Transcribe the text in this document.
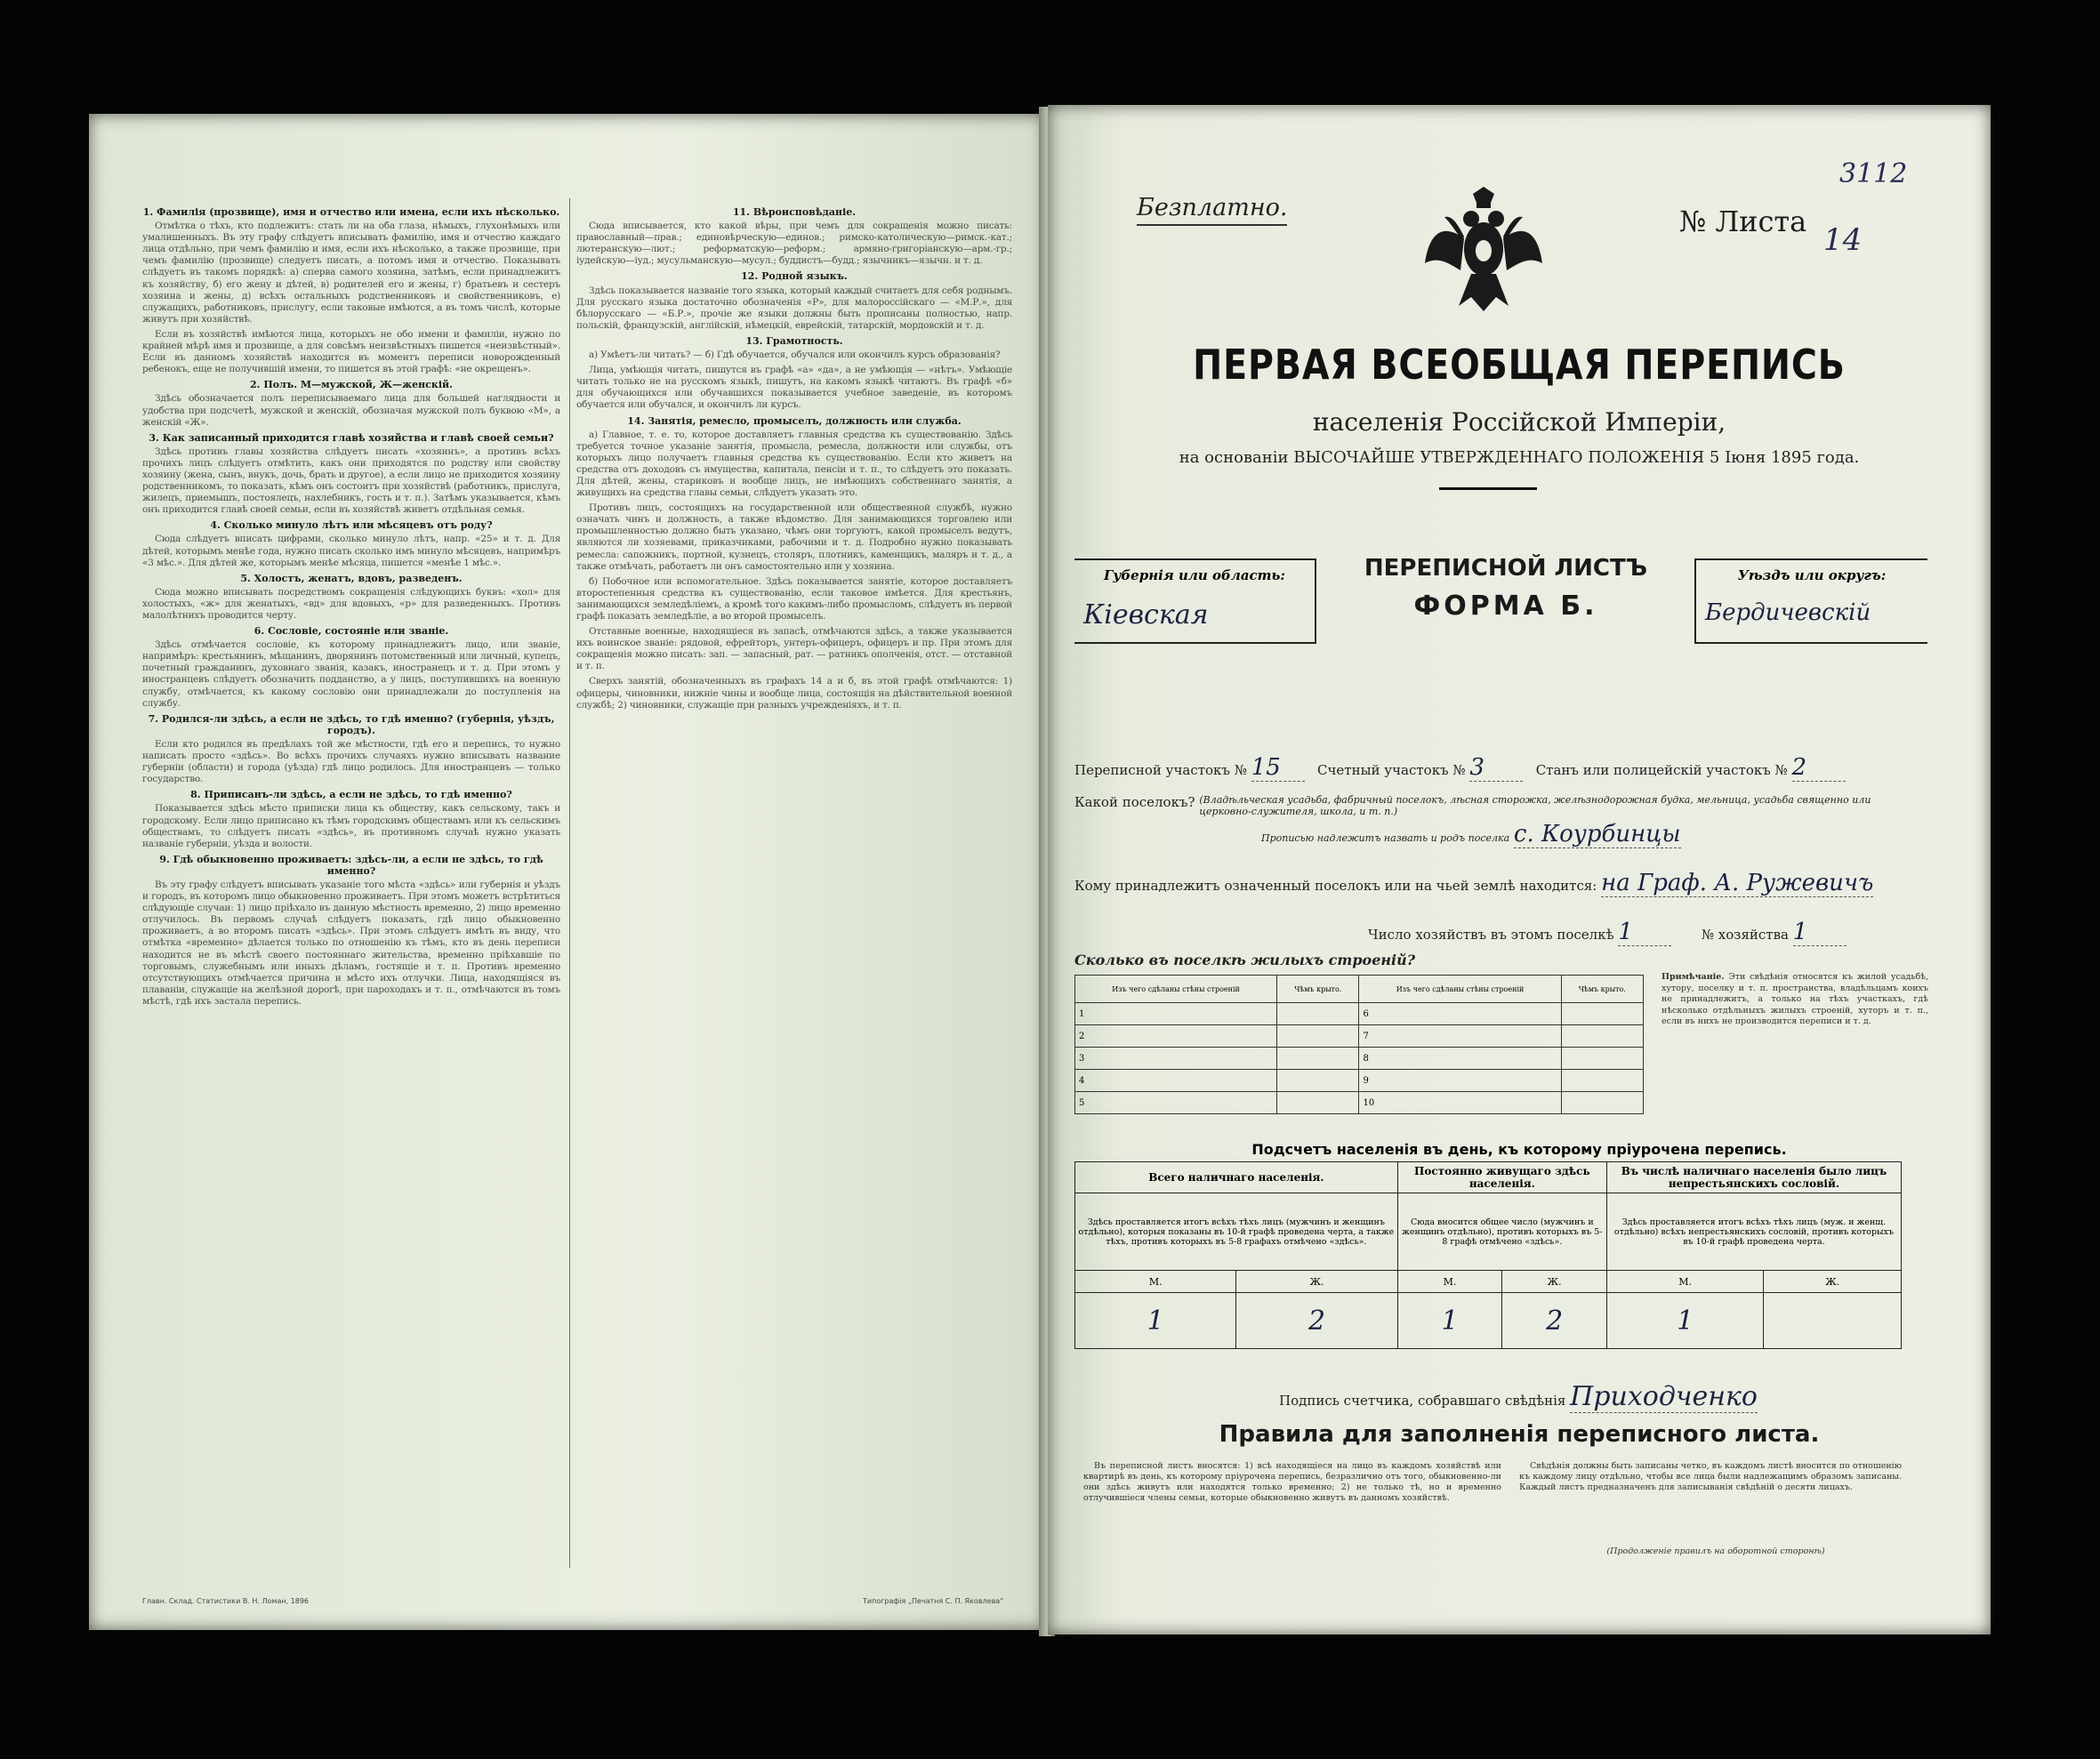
1. Фамилія (прозвище), имя и отчество или имена, если ихъ нѣсколько.

Отмѣтка о тѣхъ, кто подлежитъ: стать ли на оба глаза, нѣмыхъ, глухонѣмыхъ или умалишенныхъ. Въ эту графу слѣдуетъ вписывать фамилію, имя и отчество каждаго лица отдѣльно, при чемъ фамилію и имя, если ихъ нѣсколько, а также прозвище, при чемъ фамилію (прозвище) следуетъ писать, а потомъ имя и отчество. Показывать слѣдуетъ въ такомъ порядкѣ: а) сперва самого хозяина, затѣмъ, если принадлежитъ къ хозяйству, б) его жену и дѣтей, в) родителей его и жены, г) братьевъ и сестеръ хозяина и жены, д) всѣхъ остальныхъ родственниковъ и свойственниковъ, е) служащихъ, работниковъ, прислугу, если таковые имѣются, а въ томъ числѣ, которые живутъ при хозяйствѣ.

Если въ хозяйствѣ имѣются лица, которыхъ не обо имени и фамиліи, нужно по крайней мѣрѣ имя и прозвище, а для совсѣмъ неизвѣстныхъ пишется «неизвѣстный». Если въ данномъ хозяйствѣ находится въ моментъ переписи новорожденный ребенокъ, еще не получившій имени, то пишется въ этой графѣ: «не окрещенъ».

2. Полъ. М—мужской, Ж—женскій.

Здѣсь обозначается полъ переписываемаго лица для большей наглядности и удобства при подсчетѣ, мужской и женскій, обозначая мужской полъ буквою «М», а женскій «Ж».

3. Как записанный приходится главѣ хозяйства и главѣ своей семьи?

Здѣсь противъ главы хозяйства слѣдуетъ писать «хозяинъ», а противъ всѣхъ прочихъ лицъ слѣдуетъ отмѣтить, какъ они приходятся по родству или свойству хозяину (жена, сынъ, внукъ, дочь, брать и другое), а если лицо не приходится хозяину родственникомъ, то показать, кѣмъ онъ состоитъ при хозяйствѣ (работникъ, прислуга, жилецъ, приемышъ, постоялецъ, нахлебникъ, гость и т. п.). Затѣмъ указывается, кѣмъ онъ приходится главѣ своей семьи, если въ хозяйствѣ живетъ отдѣльная семья.

4. Сколько минуло лѣтъ или мѣсяцевъ отъ роду?

Сюда слѣдуетъ вписать цифрами, сколько минуло лѣтъ, напр. «25» и т. д. Для дѣтей, которымъ менѣе года, нужно писать сколько имъ минуло мѣсяцевъ, напримѣръ «3 мѣс.». Для дѣтей же, которымъ менѣе мѣсяца, пишется «менѣе 1 мѣс.».

5. Холостъ, женатъ, вдовъ, разведенъ.

Сюда можно вписывать посредствомъ сокращенія слѣдующихъ буквъ: «хол» для холостыхъ, «ж» для женатыхъ, «вд» для вдовыхъ, «р» для разведенныхъ. Противъ малолѣтнихъ проводится черту.

6. Сословіе, состояніе или званіе.

Здѣсь отмѣчается сословіе, къ которому принадлежитъ лицо, или званіе, напримѣръ: крестьянинъ, мѣщанинъ, дворянинъ потомственный или личный, купецъ, почетный гражданинъ, духовнаго званія, казакъ, иностранецъ и т. д. При этомъ у иностранцевъ слѣдуетъ обозначить подданство, а у лицъ, поступившихъ на военную службу, отмѣчается, къ какому сословію они принадлежали до поступленія на службу.

7. Родился-ли здѣсь, а если не здѣсь, то гдѣ именно? (губернія, уѣздъ, городъ).

Если кто родился въ предѣлахъ той же мѣстности, гдѣ его и перепись, то нужно написать просто «здѣсь». Во всѣхъ прочихъ случаяхъ нужно вписывать название губерніи (области) и города (уѣзда) гдѣ лицо родилось. Для иностранцевъ — только государство.

8. Приписанъ-ли здѣсь, а если не здѣсь, то гдѣ именно?

Показывается здѣсь мѣсто приписки лица къ обществу, какъ сельскому, такъ и городскому. Если лицо приписано къ тѣмъ городскимъ обществамъ или къ сельскимъ обществамъ, то слѣдуетъ писать «здѣсь», въ противномъ случаѣ нужно указать названіе губерніи, уѣзда и волости.

9. Гдѣ обыкновенно проживаетъ: здѣсь-ли, а если не здѣсь, то гдѣ именно?

Въ эту графу слѣдуетъ вписывать указаніе того мѣста «здѣсь» или губернія и уѣздъ и городъ, въ которомъ лицо обыкновенно проживаетъ. При этомъ можетъ встрѣтиться слѣдующіе случаи: 1) лицо пріѣхало въ данную мѣстность временно, 2) лицо временно отлучилось. Въ первомъ случаѣ слѣдуетъ показать, гдѣ лицо обыкновенно проживаетъ, а во второмъ писать «здѣсь». При этомъ слѣдуетъ имѣть въ виду, что отмѣтка «временно» дѣлается только по отношенію къ тѣмъ, кто въ день переписи находится не въ мѣстѣ своего постояннаго жительства, временно пріѣхавшіе по торговымъ, служебнымъ или иныхъ дѣламъ, гостящіе и т. п. Противъ временно отсутствующихъ отмѣчается причина и мѣсто ихъ отлучки. Лица, находящіяся въ плаваніи, служащіе на желѣзной дорогѣ, при пароходахъ и т. п., отмѣчаются въ томъ мѣстѣ, гдѣ ихъ застала перепись.

11. Вѣроисповѣданіе.

Сюда вписывается, кто какой вѣры, при чемъ для сокращенія можно писать: православный—прав.; единовѣрческую—единов.; римско-католическую—римск.-кат.; лютеранскую—лют.; реформатскую—реформ.; армяно-григоріанскую—арм.-гр.; іудейскую—іуд.; мусульманскую—мусул.; буддистъ—будд.; язычникъ—язычн. и т. д.

12. Родной языкъ.

Здѣсь показывается названіе того языка, который каждый считаетъ для себя роднымъ. Для русскаго языка достаточно обозначенія «Р», для малороссійскаго — «М.Р.», для бѣлорусскаго — «Б.Р.», прочіе же языки должны быть прописаны полностью, напр. польскій, французскій, англійскій, нѣмецкій, еврейскій, татарскій, мордовскій и т. д.

13. Грамотность.

а) Умѣетъ-ли читать? — б) Гдѣ обучается, обучался или окончилъ курсъ образованія?

Лица, умѣющія читать, пишутся въ графѣ «а» «да», а не умѣющія — «нѣтъ». Умѣющіе читать только не на русскомъ языкѣ, пишутъ, на какомъ языкѣ читаютъ. Въ графѣ «б» для обучающихся или обучавшихся показывается учебное заведеніе, въ которомъ обучается или обучался, и окончилъ ли курсъ.

14. Занятія, ремесло, промыселъ, должность или служба.

а) Главное, т. е. то, которое доставляетъ главныя средства къ существованію. Здѣсь требуется точное указаніе занятія, промысла, ремесла, должности или службы, отъ которыхъ лицо получаетъ главныя средства къ существованію. Если кто живетъ на средства отъ доходовъ съ имущества, капитала, пенсіи и т. п., то слѣдуетъ это показать. Для дѣтей, жены, стариковъ и вообще лицъ, не имѣющихъ собственнаго занятія, а живущихъ на средства главы семьи, слѣдуетъ указать это.

Противъ лицъ, состоящихъ на государственной или общественной службѣ, нужно означать чинъ и должность, а также вѣдомство. Для занимающихся торговлею или промышленностью должно быть указано, чѣмъ они торгуютъ, какой промыселъ ведутъ, являются ли хозяевами, приказчиками, рабочими и т. д. Подробно нужно показывать ремесла: сапожникъ, портной, кузнецъ, столяръ, плотникъ, каменщикъ, маляръ и т. д., а также отмѣчать, работаетъ ли онъ самостоятельно или у хозяина.

б) Побочное или вспомогательное. Здѣсь показывается занятіе, которое доставляетъ второстепенныя средства къ существованію, если таковое имѣется. Для крестьянъ, занимающихся земледѣліемъ, а кромѣ того какимъ-либо промысломъ, слѣдуетъ въ первой графѣ показать земледѣліе, а во второй промыселъ.

Отставные военные, находящіеся въ запасѣ, отмѣчаются здѣсь, а также указывается ихъ воинское званіе: рядовой, ефрейторъ, унтеръ-офицеръ, офицеръ и пр. При этомъ для сокращенія можно писать: зап. — запасный, рат. — ратникъ ополченія, отст. — отставной и т. п.

Сверхъ занятій, обозначенныхъ въ графахъ 14 а и б, въ этой графѣ отмѣчаются: 1) офицеры, чиновники, нижніе чины и вообще лица, состоящія на дѣйствительной военной службѣ; 2) чиновники, служащіе при разныхъ учрежденіяхъ, и т. п.

Главн. Склад. Статистики В. Н. Ломан, 1896	Типографія „Печатня С. П. Яковлева“
Безплатно.	№ Листа
14
3112
ПЕРВАЯ ВСЕОБЩАЯ ПЕРЕПИСЬ
населенія Россійской Имперіи,
на основаніи ВЫСОЧАЙШЕ УТВЕРЖДЕННАГО ПОЛОЖЕНІЯ 5 Іюня 1895 года.
Губернія или область:
Кіевская
ПЕРЕПИСНОЙ ЛИСТЪ
ФОРМА Б.
Уѣздъ или округъ:
Бердичевскій
Переписной участокъ № 15	Счетный участокъ № 3	Станъ или полицейскій участокъ № 2
Какой поселокъ? (Владѣльческая усадьба, фабричный поселокъ, лѣсная сторожка, желѣзнодорожная будка, мельница, усадьба священно или церковно-служителя, школа, и т. п.)
Прописью надлежитъ назвать и родъ поселка с. Коурбинцы
Кому принадлежитъ означенный поселокъ или на чьей землѣ находится: на Граф. А. Ружевичъ
Число хозяйствъ въ этомъ поселкѣ 1	№ хозяйства 1
Сколько въ поселкѣ жилыхъ строеній?
Изъ чего сдѣланы стѣны строеній	Чѣмъ крыто.	Изъ чего сдѣланы стѣны строеній	Чѣмъ крыто.
1		6	
2		7	
3		8	
4		9	
5		10	
Примѣчаніе. Эти свѣдѣнія относятся къ жилой усадьбѣ, хутору, поселку и т. п. пространства, владѣльцамъ коихъ не принадлежитъ, а только на тѣхъ участкахъ, гдѣ нѣсколько отдѣльныхъ жилыхъ строеній, хуторъ и т. п., если въ нихъ не производится переписи и т. д.
Подсчетъ населенія въ день, къ которому пріурочена перепись.
Всего наличнаго населенія.		Постоянно живущаго здѣсь населенія.		Въ числѣ наличнаго населенія было лицъ непрестьянскихъ сословій.	
Здѣсь проставляется итогъ всѣхъ тѣхъ лицъ (мужчинъ и женщинъ отдѣльно), которыя показаны въ 10-й графѣ проведена черта, а также тѣхъ, противъ которыхъ въ 5-8 графахъ отмѣчено «здѣсь».		Сюда вносится общее число (мужчинъ и женщинъ отдѣльно), противъ которыхъ въ 5-8 графѣ отмѣчено «здѣсь».		Здѣсь проставляется итогъ всѣхъ тѣхъ лицъ (муж. и женщ. отдѣльно) всѣхъ непрестьянскихъ сословій, противъ которыхъ въ 10-й графѣ проведена черта.	
М.	Ж.	М.	Ж.	М.	Ж.
1	2	1	2	1	
Подпись счетчика, собравшаго свѣдѣнія Приходченко
Правила для заполненія переписного листа.
Въ переписной листъ вносятся: 1) всѣ находящіеся на лицо въ каждомъ хозяйствѣ или квартирѣ въ день, къ которому пріурочена перепись, безразлично отъ того, обыкновенно-ли они здѣсь живутъ или находятся только временно; 2) не только тѣ, но и временно отлучившіеся члены семьи, которые обыкновенно живутъ въ данномъ хозяйствѣ.
Свѣдѣнія должны быть записаны четко, въ каждомъ листѣ вносится по отношенію къ каждому лицу отдѣльно, чтобы все лица были надлежащимъ образомъ записаны. Каждый листъ предназначенъ для записыванія свѣдѣній о десяти лицахъ.
(Продолженіе правилъ на оборотной сторонѣ)
